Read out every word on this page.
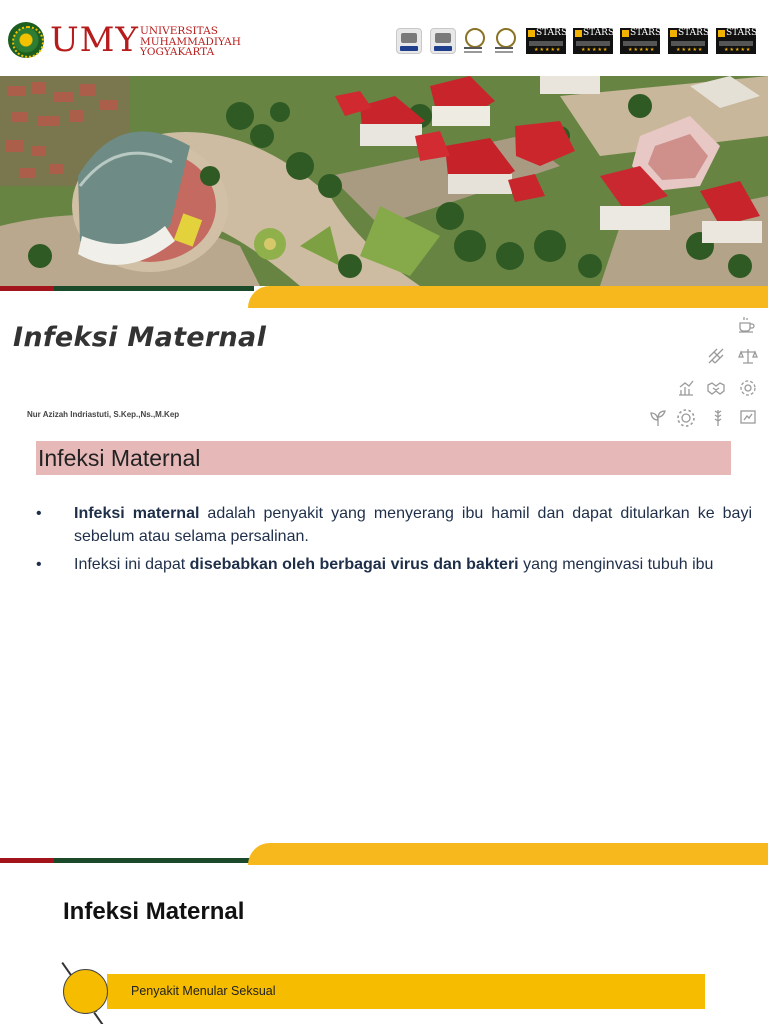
UMY UNIVERSITAS
MUHAMMADIYAH
YOGYAKARTA
STARS
★★★★★
STARS
★★★★★
STARS
★★★★★
STARS
★★★★★
STARS
★★★★★
Infeksi Maternal
Nur Azizah Indriastuti, S.Kep.,Ns.,M.Kep
Infeksi Maternal
• Infeksi maternal adalah penyakit yang menyerang ibu hamil dan dapat ditularkan ke bayi sebelum atau selama persalinan.
• Infeksi ini dapat disebabkan oleh berbagai virus dan bakteri yang menginvasi tubuh ibu
Infeksi Maternal
Penyakit Menular Seksual
